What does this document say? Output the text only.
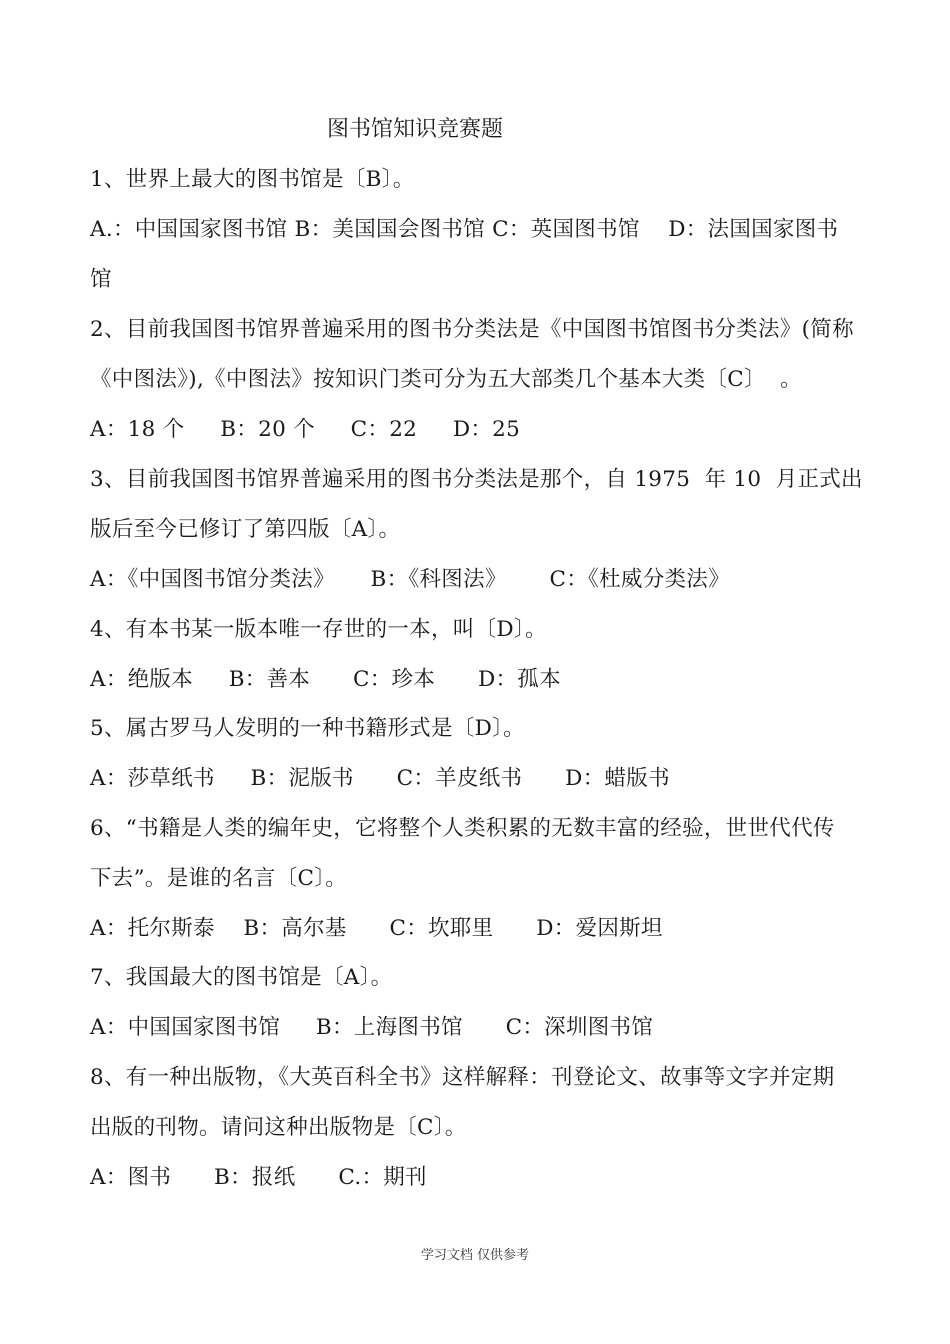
图书馆知识竞赛题
1、世界上最大的图书馆是〔B〕。
A.：中国国家图书馆 B：美国国会图书馆 C：英国图书馆    D：法国国家图书
馆
2、目前我国图书馆界普遍采用的图书分类法是《中国图书馆图书分类法》(简称
《中图法》),《中图法》按知识门类可分为五大部类几个基本大类〔C〕  。
A：18 个     B：20 个     C：22     D：25
3、目前我国图书馆界普遍采用的图书分类法是那个，自 1975  年 10  月正式出
版后至今已修订了第四版〔A〕。
A：《中国图书馆分类法》     B：《科图法》      C：《杜威分类法》
4、有本书某一版本唯一存世的一本，叫〔D〕。
A：绝版本     B：善本      C：珍本      D：孤本
5、属古罗马人发明的一种书籍形式是〔D〕。
A：莎草纸书     B：泥版书      C：羊皮纸书      D：蜡版书
6、“书籍是人类的编年史，它将整个人类积累的无数丰富的经验，世世代代传
下去”。是谁的名言〔C〕。
A：托尔斯泰    B：高尔基      C：坎耶里      D：爱因斯坦
7、我国最大的图书馆是〔A〕。
A：中国国家图书馆     B：上海图书馆      C：深圳图书馆
8、有一种出版物，《大英百科全书》这样解释：刊登论文、故事等文字并定期
出版的刊物。请问这种出版物是〔C〕。
A：图书      B：报纸      C.：期刊
学习文档 仅供参考
